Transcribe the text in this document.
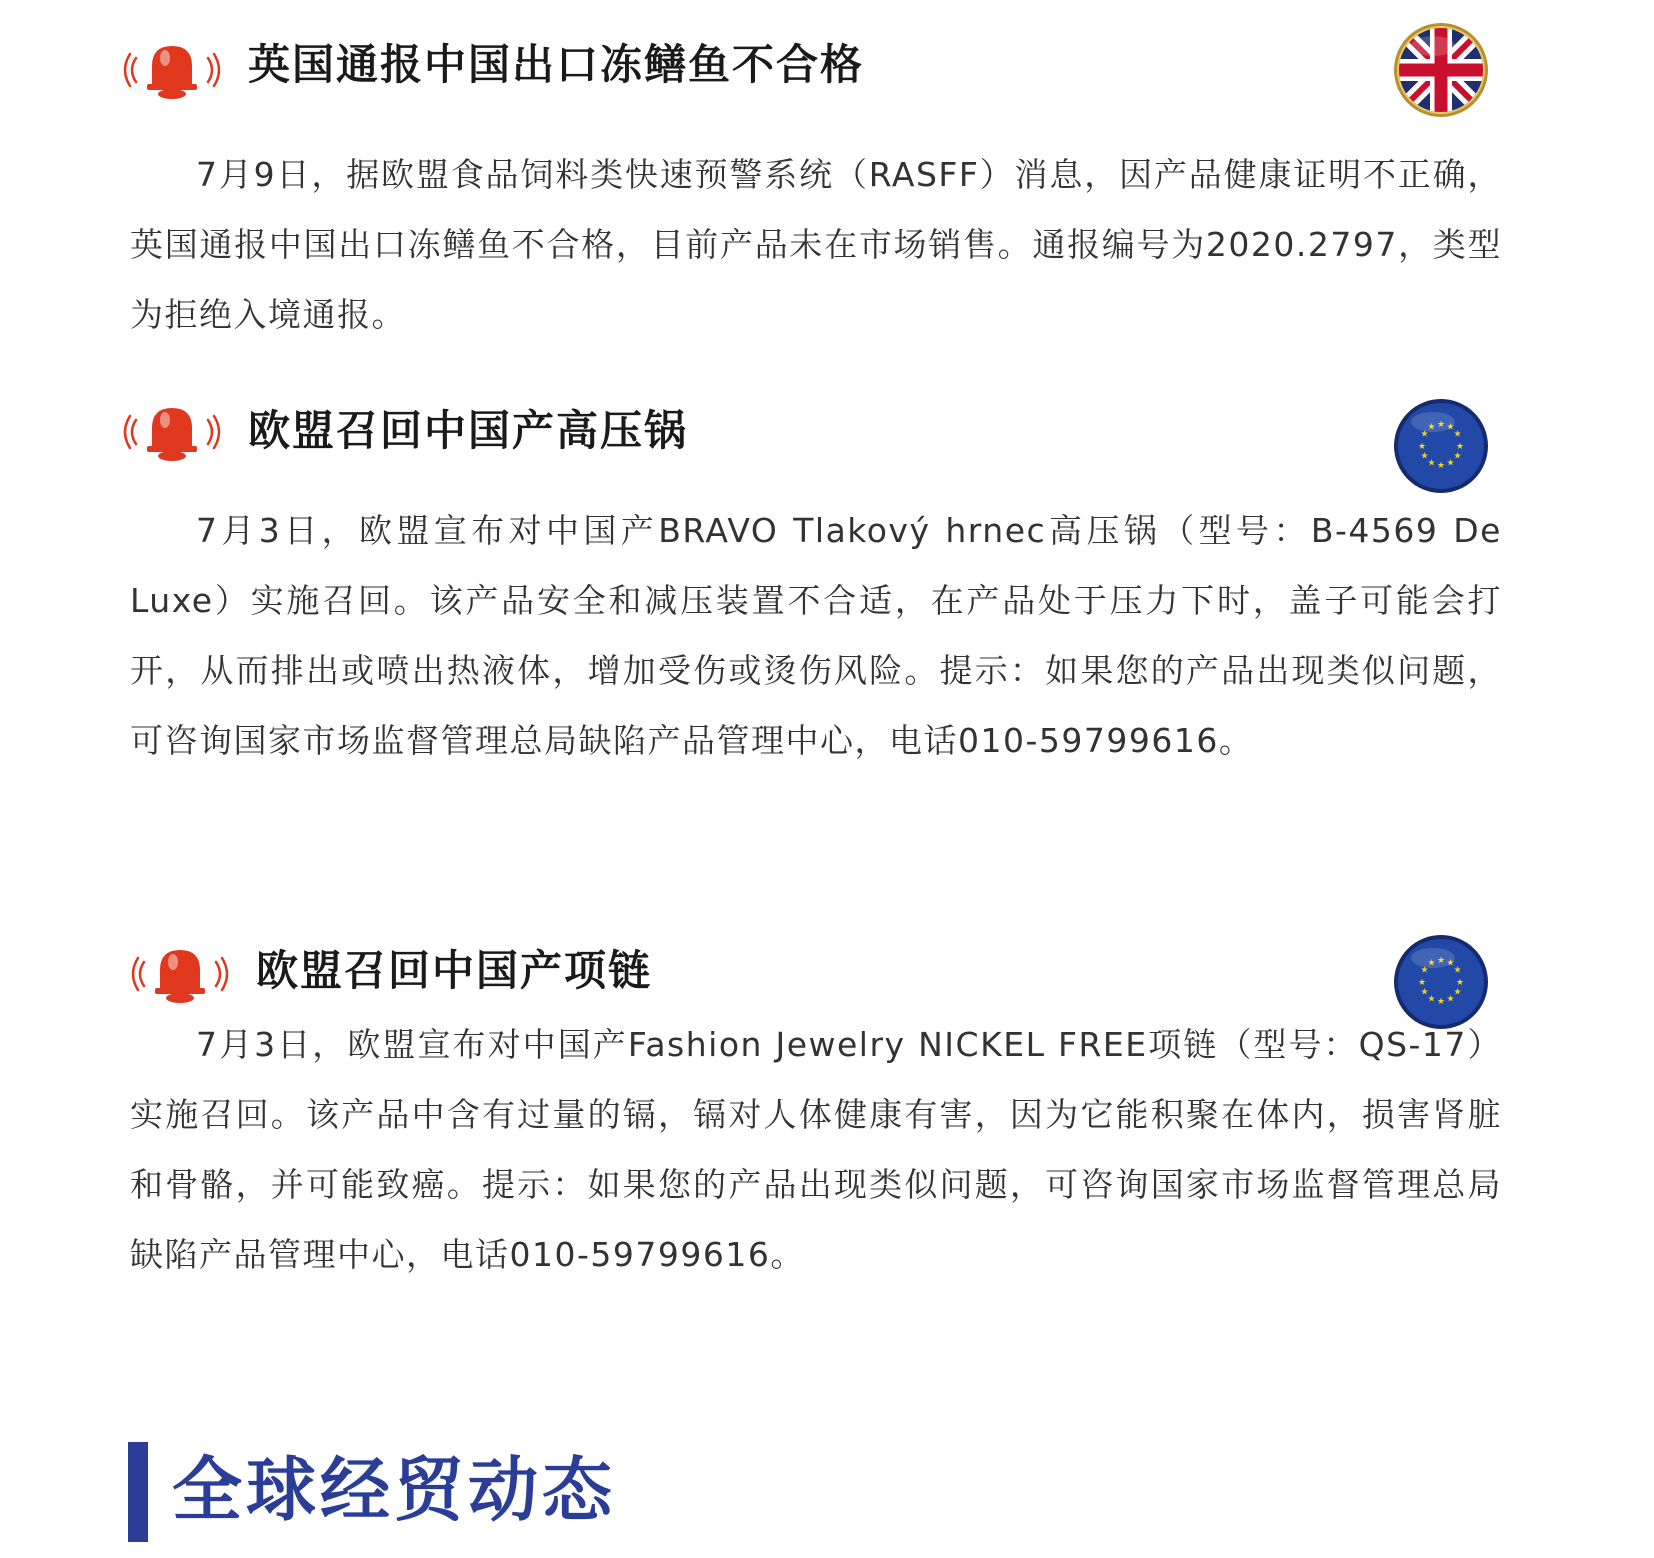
英国通报中国出口冻鳝鱼不合格

7月9日，据欧盟食品饲料类快速预警系统（RASFF）消息，因产品健康证明不正确，英国通报中国出口冻鳝鱼不合格，目前产品未在市场销售。通报编号为2020.2797，类型为拒绝入境通报。

欧盟召回中国产高压锅	★ ★
★
★
★
★
★
★
★
★
★
★

7月3日，欧盟宣布对中国产BRAVO Tlakový hrnec高压锅（型号：B-4569 De Luxe）实施召回。该产品安全和减压装置不合适，在产品处于压力下时，盖子可能会打开，从而排出或喷出热液体，增加受伤或烫伤风险。提示：如果您的产品出现类似问题，可咨询国家市场监督管理总局缺陷产品管理中心，电话010-59799616。

欧盟召回中国产项链	★ ★
★
★
★
★
★
★
★
★
★
★

7月3日，欧盟宣布对中国产Fashion Jewelry NICKEL FREE项链（型号：QS-17）实施召回。该产品中含有过量的镉，镉对人体健康有害，因为它能积聚在体内，损害肾脏和骨骼，并可能致癌。提示：如果您的产品出现类似问题，可咨询国家市场监督管理总局缺陷产品管理中心，电话010-59799616。

全球经贸动态
